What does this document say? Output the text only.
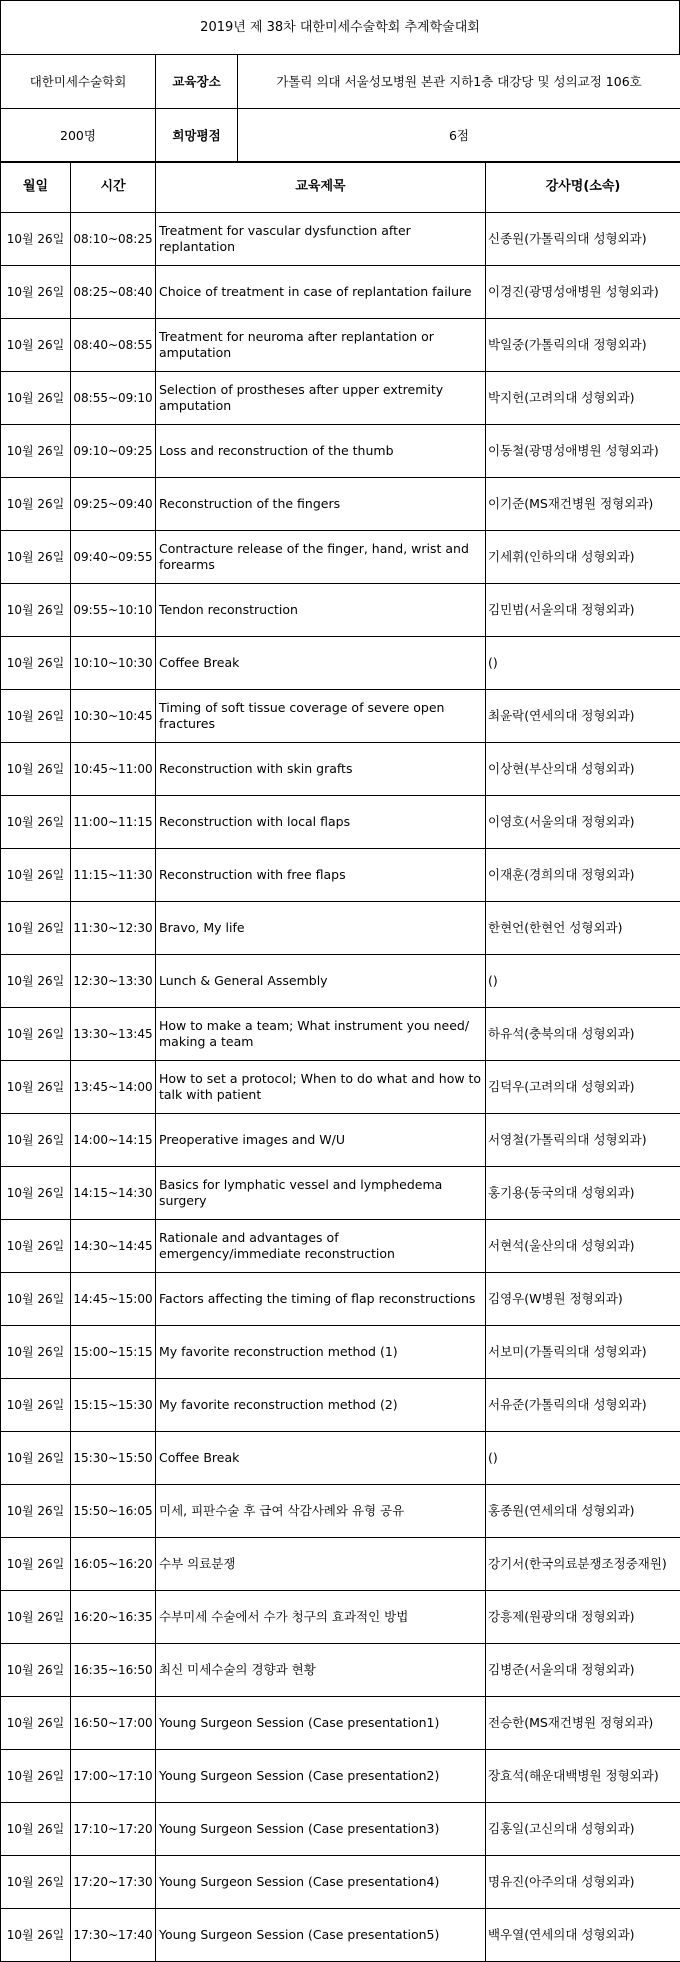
2019년 제 38차 대한미세수술학회 추계학술대회
대한미세수술학회	교육장소	가톨릭 의대 서울성모병원 본관 지하1층 대강당 및 성의교정 106호
200명	희망평점	6점
월일	시간	교육제목	강사명(소속)
10월 26일	08:10~08:25	Treatment for vascular dysfunction after replantation	신종원(가톨릭의대 성형외과)
10월 26일	08:25~08:40	Choice of treatment in case of replantation failure	이경진(광명성애병원 성형외과)
10월 26일	08:40~08:55	Treatment for neuroma after replantation or amputation	박일중(가톨릭의대 정형외과)
10월 26일	08:55~09:10	Selection of prostheses after upper extremity amputation	박지헌(고려의대 성형외과)
10월 26일	09:10~09:25	Loss and reconstruction of the thumb	이동철(광명성애병원 성형외과)
10월 26일	09:25~09:40	Reconstruction of the fingers	이기준(MS재건병원 정형외과)
10월 26일	09:40~09:55	Contracture release of the finger, hand, wrist and forearms	기세휘(인하의대 성형외과)
10월 26일	09:55~10:10	Tendon reconstruction	김민범(서울의대 정형외과)
10월 26일	10:10~10:30	Coffee Break	()
10월 26일	10:30~10:45	Timing of soft tissue coverage of severe open fractures	최윤락(연세의대 정형외과)
10월 26일	10:45~11:00	Reconstruction with skin grafts	이상현(부산의대 성형외과)
10월 26일	11:00~11:15	Reconstruction with local flaps	이영호(서울의대 정형외과)
10월 26일	11:15~11:30	Reconstruction with free flaps	이재훈(경희의대 정형외과)
10월 26일	11:30~12:30	Bravo, My life	한현언(한현언 성형외과)
10월 26일	12:30~13:30	Lunch & General Assembly	()
10월 26일	13:30~13:45	How to make a team; What instrument you need/ making a team	하유석(충북의대 성형외과)
10월 26일	13:45~14:00	How to set a protocol; When to do what and how to talk with patient	김덕우(고려의대 성형외과)
10월 26일	14:00~14:15	Preoperative images and W/U	서영철(가톨릭의대 성형외과)
10월 26일	14:15~14:30	Basics for lymphatic vessel and lymphedema surgery	홍기용(동국의대 성형외과)
10월 26일	14:30~14:45	Rationale and advantages of emergency/immediate reconstruction	서현석(울산의대 성형외과)
10월 26일	14:45~15:00	Factors affecting the timing of flap reconstructions	김영우(W병원 정형외과)
10월 26일	15:00~15:15	My favorite reconstruction method (1)	서보미(가톨릭의대 성형외과)
10월 26일	15:15~15:30	My favorite reconstruction method (2)	서유준(가톨릭의대 성형외과)
10월 26일	15:30~15:50	Coffee Break	()
10월 26일	15:50~16:05	미세, 피판수술 후 급여 삭감사례와 유형 공유	홍종원(연세의대 성형외과)
10월 26일	16:05~16:20	수부 의료분쟁	강기서(한국의료분쟁조정중재원)
10월 26일	16:20~16:35	수부미세 수술에서 수가 청구의 효과적인 방법	강흥제(원광의대 정형외과)
10월 26일	16:35~16:50	최신 미세수술의 경향과 현황	김병준(서울의대 정형외과)
10월 26일	16:50~17:00	Young Surgeon Session (Case presentation1)	전승한(MS재건병원 정형외과)
10월 26일	17:00~17:10	Young Surgeon Session (Case presentation2)	장효석(해운대백병원 정형외과)
10월 26일	17:10~17:20	Young Surgeon Session (Case presentation3)	김홍일(고신의대 성형외과)
10월 26일	17:20~17:30	Young Surgeon Session (Case presentation4)	명유진(아주의대 성형외과)
10월 26일	17:30~17:40	Young Surgeon Session (Case presentation5)	백우열(연세의대 성형외과)
